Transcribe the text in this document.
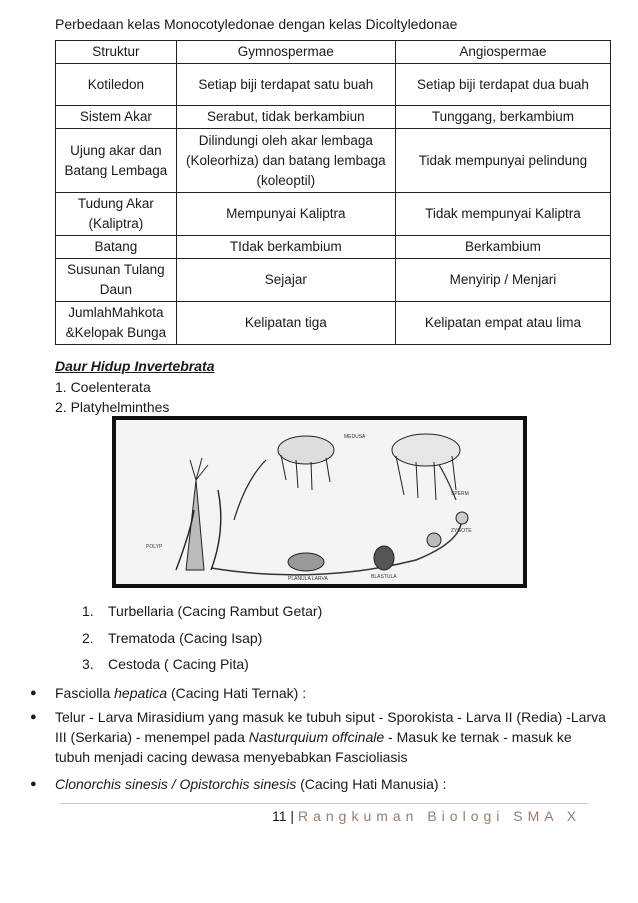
Perbedaan kelas Monocotyledonae dengan kelas Dicoltyledonae
Struktur	Gymnospermae	Angiospermae
Kotiledon	Setiap biji terdapat satu buah	Setiap biji terdapat dua buah
Sistem Akar	Serabut, tidak berkambiun	Tunggang, berkambium
Ujung akar dan Batang Lembaga	Dilindungi oleh akar lembaga (Koleorhiza) dan batang lembaga (koleoptil)	Tidak mempunyai pelindung
Tudung Akar (Kaliptra)	Mempunyai Kaliptra	Tidak mempunyai Kaliptra
Batang	TIdak berkambium	Berkambium
Susunan Tulang Daun	Sejajar	Menyirip / Menjari
JumlahMahkota &Kelopak Bunga	Kelipatan tiga	Kelipatan empat atau lima
Daur Hidup Invertebrata
1. Coelenterata
2. Platyhelminthes
MEDUSA
SPERM
ZYGOTE
PLANULA LARVA	BLASTULA
POLYP
1. Turbellaria (Cacing Rambut Getar)
2. Trematoda (Cacing Isap)
3. Cestoda ( Cacing Pita)
● Fasciolla hepatica (Cacing Hati Ternak) :
● Telur - Larva Mirasidium yang masuk ke tubuh siput - Sporokista - Larva II (Redia) -Larva III (Serkaria) - menempel pada Nasturquium offcinale - Masuk ke ternak - masuk ke tubuh menjadi cacing dewasa menyebabkan Fascioliasis
● Clonorchis sinesis / Opistorchis sinesis (Cacing Hati Manusia) :
11 | Rangkuman Biologi SMA X
